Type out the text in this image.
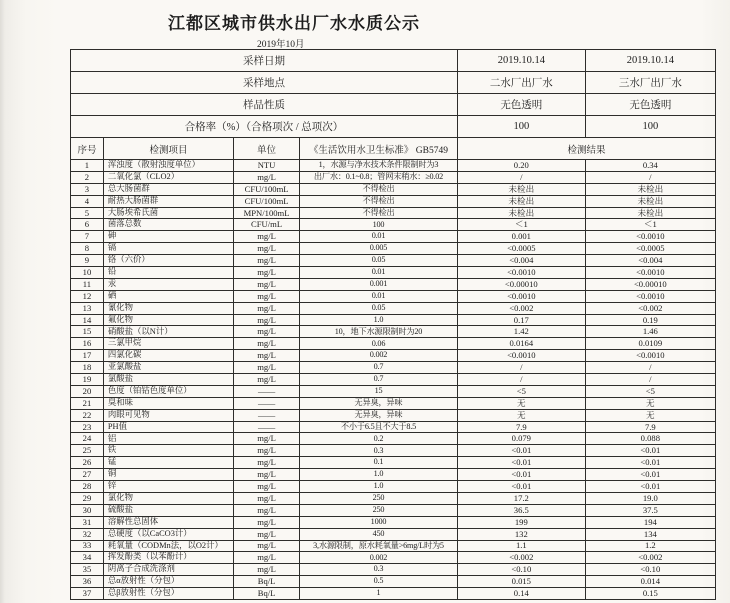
江都区城市供水出厂水水质公示
2019年10月
采样日期				2019.10.14	2019.10.14
采样地点				二水厂出厂水	三水厂出厂水
样品性质				无色透明	无色透明
合格率（%）（合格项次 / 总项次）				100	100
序号	检测项目	单位	《生活饮用水卫生标准》 GB5749	检测结果	
1	浑浊度（散射浊度单位）	NTU	1，水源与净水技术条件限制时为3	0.20	0.34
2	二氧化氯（CLO2）	mg/L	出厂水：0.1~0.8；管网末稍水：≥0.02	/	/
3	总大肠菌群	CFU/100mL	不得检出	未检出	未检出
4	耐热大肠菌群	CFU/100mL	不得检出	未检出	未检出
5	大肠埃希氏菌	MPN/100mL	不得检出	未检出	未检出
6	菌落总数	CFU/mL	100	＜1	＜1
7	砷	mg/L	0.01	0.001	<0.0010
8	镉	mg/L	0.005	<0.0005	<0.0005
9	铬（六价）	mg/L	0.05	<0.004	<0.004
10	铅	mg/L	0.01	<0.0010	<0.0010
11	汞	mg/L	0.001	<0.00010	<0.00010
12	硒	mg/L	0.01	<0.0010	<0.0010
13	氰化物	mg/L	0.05	<0.002	<0.002
14	氟化物	mg/L	1.0	0.17	0.19
15	硝酸盐（以N计）	mg/L	10，地下水源限制时为20	1.42	1.46
16	三氯甲烷	mg/L	0.06	0.0164	0.0109
17	四氯化碳	mg/L	0.002	<0.0010	<0.0010
18	亚氯酸盐	mg/L	0.7	/	/
19	氯酸盐	mg/L	0.7	/	/
20	色度（铂钴色度单位）	——	15	<5	<5
21	臭和味	——	无异臭，异味	无	无
22	肉眼可见物	——	无异臭，异味	无	无
23	PH值	——	不小于6.5且不大于8.5	7.9	7.9
24	铝	mg/L	0.2	0.079	0.088
25	铁	mg/L	0.3	<0.01	<0.01
26	锰	mg/L	0.1	<0.01	<0.01
27	铜	mg/L	1.0	<0.01	<0.01
28	锌	mg/L	1.0	<0.01	<0.01
29	氯化物	mg/L	250	17.2	19.0
30	硫酸盐	mg/L	250	36.5	37.5
31	溶解性总固体	mg/L	1000	199	194
32	总硬度（以CaCO3计）	mg/L	450	132	134
33	耗氧量（CODMn法，以O2计）	mg/L	3,水源限制，原水耗氧量>6mg/L时为5	1.1	1.2
34	挥发酚类（以苯酚计）	mg/L	0.002	<0.002	<0.002
35	阴离子合成洗涤剂	mg/L	0.3	<0.10	<0.10
36	总α放射性（分包）	Bq/L	0.5	0.015	0.014
37	总β放射性（分包）	Bq/L	1	0.14	0.15
